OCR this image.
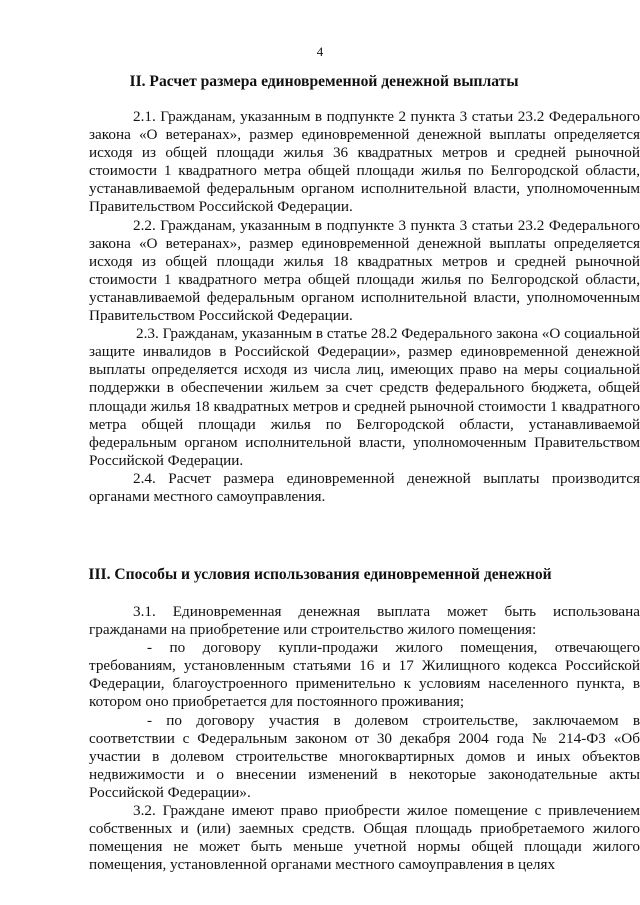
4
II. Расчет размера единовременной денежной выплаты

2.1. Гражданам, указанным в подпункте 2 пункта 3 статьи 23.2 Федерального закона «О ветеранах», размер единовременной денежной выплаты определяется исходя из общей площади жилья 36 квадратных метров и средней рыночной стоимости 1 квадратного метра общей площади жилья по Белгородской области, устанавливаемой федеральным органом исполнительной власти, уполномоченным Правительством Российской Федерации.

2.2. Гражданам, указанным в подпункте 3 пункта 3 статьи 23.2 Федерального закона «О ветеранах», размер единовременной денежной выплаты определяется исходя из общей площади жилья 18 квадратных метров и средней рыночной стоимости 1 квадратного метра общей площади жилья по Белгородской области, устанавливаемой федеральным органом исполнительной власти, уполномоченным Правительством Российской Федерации.

2.3. Гражданам, указанным в статье 28.2 Федерального закона «О социальной защите инвалидов в Российской Федерации», размер единовременной денежной выплаты определяется исходя из числа лиц, имеющих право на меры социальной поддержки в обеспечении жильем за счет средств федерального бюджета, общей площади жилья 18 квадратных метров и средней рыночной стоимости 1 квадратного метра общей площади жилья по Белгородской области, устанавливаемой федеральным органом исполнительной власти, уполномоченным Правительством Российской Федерации.

2.4. Расчет размера единовременной денежной выплаты производится органами местного самоуправления.

III. Способы и условия использования единовременной денежной

3.1. Единовременная денежная выплата может быть использована гражданами на приобретение или строительство жилого помещения:

- по договору купли-продажи жилого помещения, отвечающего требованиям, установленным статьями 16 и 17 Жилищного кодекса Российской Федерации, благоустроенного применительно к условиям населенного пункта, в котором оно приобретается для постоянного проживания;

- по договору участия в долевом строительстве, заключаемом в соответствии с Федеральным законом от 30 декабря 2004 года № 214-ФЗ «Об участии в долевом строительстве многоквартирных домов и иных объектов недвижимости и о внесении изменений в некоторые законодательные акты Российской Федерации».

3.2. Граждане имеют право приобрести жилое помещение с привлечением собственных и (или) заемных средств. Общая площадь приобретаемого жилого помещения не может быть меньше учетной нормы общей площади жилого помещения, установленной органами местного самоуправления в целях
